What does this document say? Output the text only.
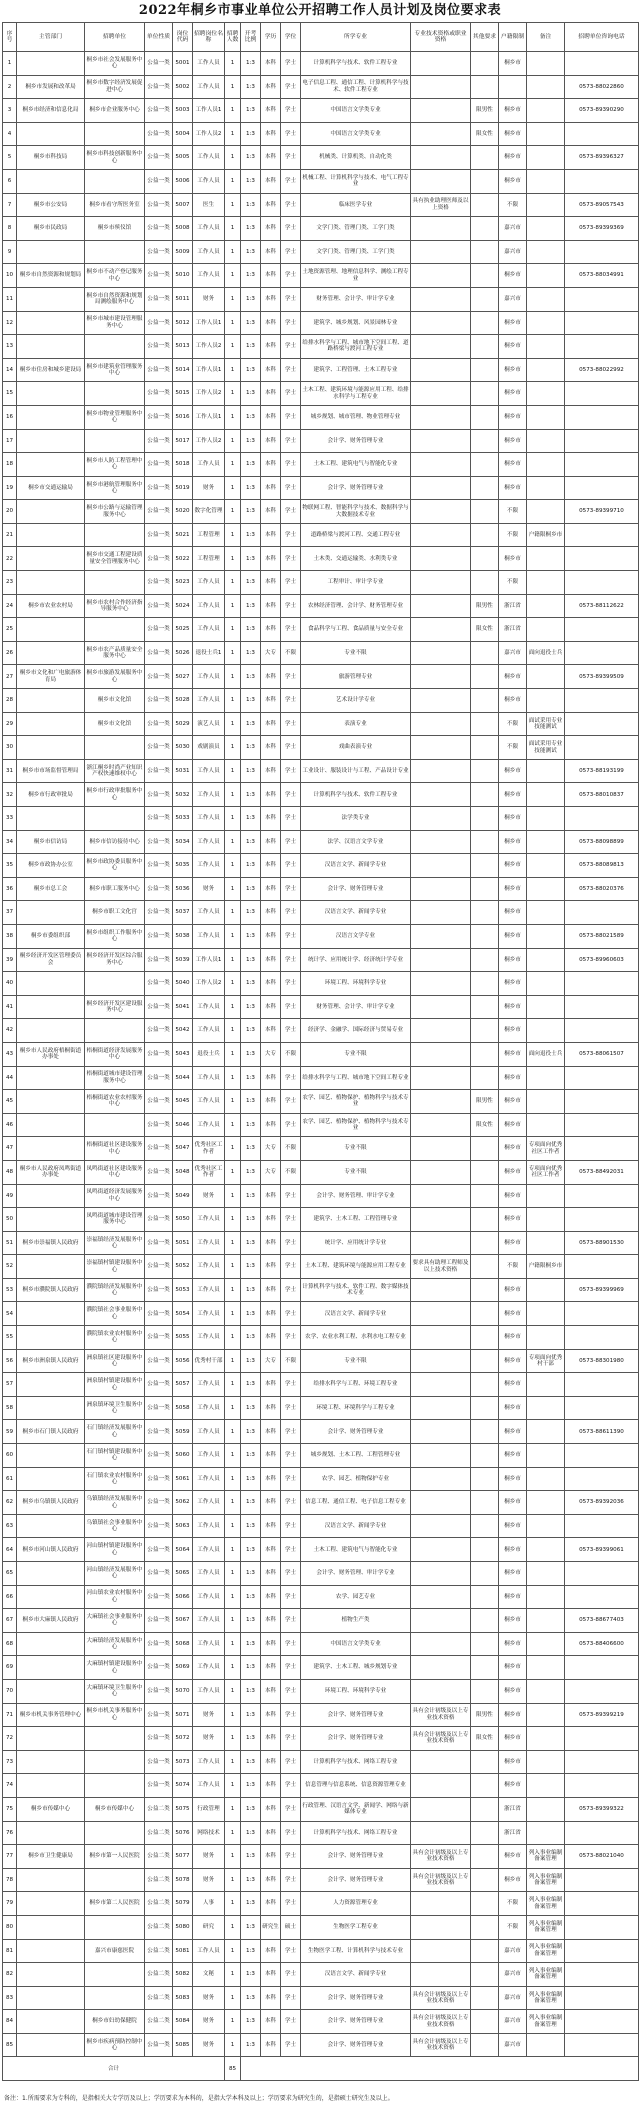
2022年桐乡市事业单位公开招聘工作人员计划及岗位要求表
序号	主管部门	招聘单位	单位性质	岗位代码	招聘岗位名称	招聘人数	开考比例	学历	学位	所学专业	专业技术资格或职业资格	其他要求	户籍限制	备注	招聘单位咨询电话
1		桐乡市社会发展服务中心	公益一类	5001	工作人员	1	1:3	本科	学士	计算机科学与技术、软件工程专业			桐乡市		
2	桐乡市发展和改革局	桐乡市数字经济发展促进中心	公益一类	5002	工作人员	1	1:3	本科	学士	电子信息工程、通信工程、计算机科学与技术、软件工程专业					0573-88022860
3	桐乡市经济和信息化局	桐乡市企业服务中心	公益一类	5003	工作人员1	1	1:3	本科	学士	中国语言文学类专业		限男性	桐乡市		0573-89390290
4			公益一类	5004	工作人员2	1	1:3	本科	学士	中国语言文学类专业		限女性	桐乡市		
5	桐乡市科技局	桐乡市科技创新服务中心	公益一类	5005	工作人员	1	1:3	本科	学士	机械类、计算机类、自动化类			桐乡市		0573-89396327
6			公益一类	5006	工作人员	1	1:3	本科	学士	机械工程、计算机科学与技术、电气工程专业			桐乡市		
7	桐乡市公安局	桐乡市看守所医务室	公益一类	5007	医生	1	1:3	本科	学士	临床医学专业	具有执业助理医师及以上资格		不限		0573-89057543
8	桐乡市民政局	桐乡市殡仪馆	公益一类	5008	工作人员	1	1:3	本科	学士	文学门类、管理门类、工学门类			嘉兴市		0573-89399369
9			公益一类	5009	工作人员	1	1:3	本科	学士	文学门类、管理门类、工学门类			嘉兴市		
10	桐乡市自然资源和规划局	桐乡市不动产登记服务中心	公益一类	5010	工作人员	1	1:3	本科	学士	土地资源管理、地理信息科学、测绘工程专业			桐乡市		0573-88034991
11		桐乡市自然资源和规划局测绘服务中心	公益一类	5011	财务	1	1:3	本科	学士	财务管理、会计学、审计学专业			嘉兴市		
12		桐乡市城市建设管理服务中心	公益一类	5012	工作人员1	1	1:3	本科	学士	建筑学、城乡规划、风景园林专业			桐乡市		
13			公益一类	5013	工作人员2	1	1:3	本科	学士	给排水科学与工程、城市地下空间工程、道路桥梁与渡河工程专业			桐乡市		
14	桐乡市住房和城乡建设局	桐乡市建筑业管理服务中心	公益一类	5014	工作人员1	1	1:3	本科	学士	建筑学、工程管理、土木工程专业			桐乡市		0573-88022992
15			公益一类	5015	工作人员2	1	1:3	本科	学士	土木工程、建筑环境与能源应用工程、给排水科学与工程专业			桐乡市		
16		桐乡市物业管理服务中心	公益一类	5016	工作人员1	1	1:3	本科	学士	城乡规划、城市管理、物业管理专业			桐乡市		
17			公益一类	5017	工作人员2	1	1:3	本科	学士	会计学、财务管理专业			桐乡市		
18		桐乡市人防工程管理中心	公益一类	5018	工作人员	1	1:3	本科	学士	土木工程、建筑电气与智能化专业			桐乡市		
19	桐乡市交通运输局	桐乡市港航管理服务中心	公益一类	5019	财务	1	1:3	本科	学士	会计学、财务管理专业			桐乡市		
20		桐乡市公路与运输管理服务中心	公益一类	5020	数字化管理	1	1:3	本科	学士	物联网工程、智能科学与技术、数据科学与大数据技术专业			不限		0573-89399710
21			公益一类	5021	工程管理	1	1:3	本科	学士	道路桥梁与渡河工程、交通工程专业			不限	户籍限桐乡市	
22		桐乡市交通工程建设质量安全管理服务中心	公益一类	5022	工程管理	1	1:3	本科	学士	土木类、交通运输类、水利类专业			桐乡市		
23			公益一类	5023	工作人员	1	1:3	本科	学士	工程审计、审计学专业			不限		
24	桐乡市农业农村局	桐乡市农村合作经济指导服务中心	公益一类	5024	工作人员	1	1:3	本科	学士	农林经济管理、会计学、财务管理专业		限男性	浙江省		0573-88112622
25			公益一类	5025	工作人员	1	1:3	本科	学士	食品科学与工程、食品质量与安全专业		限女性	浙江省		
26		桐乡市农产品质量安全服务中心	公益一类	5026	退役士兵1	1	1:3	大专	不限	专业不限			嘉兴市	面向退役士兵	
27	桐乡市文化和广电旅游体育局	桐乡市旅游发展服务中心	公益一类	5027	工作人员	1	1:3	本科	学士	旅游管理专业			桐乡市		0573-89399509
28		桐乡市文化馆	公益一类	5028	工作人员	1	1:3	本科	学士	艺术设计学专业			桐乡市		
29		桐乡市文化馆	公益一类	5029	演艺人员	1	1:3	本科	学士	表演专业			不限	面试采用专业技能测试	
30			公益一类	5030	戏剧演员	1	1:3	本科	学士	戏曲表演专业			不限	面试采用专业技能测试	
31	桐乡市市场监督管理局	浙江桐乡时尚产业知识产权快速维权中心	公益一类	5031	工作人员	1	1:3	本科	学士	工业设计、服装设计与工程、产品设计专业			桐乡市		0573-88193199
32	桐乡市行政审批局	桐乡市行政审批服务中心	公益一类	5032	工作人员	1	1:3	本科	学士	计算机科学与技术、软件工程专业			桐乡市		0573-88010837
33			公益一类	5033	工作人员	1	1:3	本科	学士	法学类专业			桐乡市		
34	桐乡市信访局	桐乡市信访接待中心	公益一类	5034	工作人员	1	1:3	本科	学士	法学、汉语言文学专业			桐乡市		0573-88098899
35	桐乡市政协办公室	桐乡市政协委员服务中心	公益一类	5035	工作人员	1	1:3	本科	学士	汉语言文学、新闻学专业			桐乡市		0573-88089813
36	桐乡市总工会	桐乡市职工服务中心	公益一类	5036	财务	1	1:3	本科	学士	会计学、财务管理专业			桐乡市		0573-88020376
37		桐乡市职工文化宫	公益一类	5037	工作人员	1	1:3	本科	学士	汉语言文学、新闻学专业			桐乡市		
38	桐乡市委组织部	桐乡市组织工作服务中心	公益一类	5038	工作人员	1	1:3	本科	学士	汉语言文学专业			桐乡市		0573-88021589
39	桐乡经济开发区管理委员会	桐乡经济开发区综合服务中心	公益一类	5039	工作人员1	1	1:3	本科	学士	统计学、应用统计学、经济统计学专业			桐乡市		0573-89960603
40			公益一类	5040	工作人员2	1	1:3	本科	学士	环境工程、环境科学专业			桐乡市		
41		桐乡经济开发区建设服务中心	公益一类	5041	工作人员	1	1:3	本科	学士	财务管理、会计学、审计学专业			桐乡市		
42			公益一类	5042	工作人员	1	1:3	本科	学士	经济学、金融学、国际经济与贸易专业			桐乡市		
43	桐乡市人民政府梧桐街道办事处	梧桐街道经济发展服务中心	公益一类	5043	退役士兵	1	1:3	大专	不限	专业不限			桐乡市	面向退役士兵	0573-88061507
44		梧桐街道城市建设管理服务中心	公益一类	5044	工作人员	1	1:3	本科	学士	给排水科学与工程、城市地下空间工程专业			桐乡市		
45		梧桐街道农业农村服务中心	公益一类	5045	工作人员	1	1:3	本科	学士	农学、园艺、植物保护、植物科学与技术专业		限男性	桐乡市		
46			公益一类	5046	工作人员	1	1:3	本科	学士	农学、园艺、植物保护、植物科学与技术专业		限女性	桐乡市		
47		梧桐街道社区建设服务中心	公益一类	5047	优秀社区工作者	1	1:3	大专	不限	专业不限			桐乡市	专项面向优秀社区工作者	
48	桐乡市人民政府凤鸣街道办事处	凤鸣街道社区建设服务中心	公益一类	5048	优秀社区工作者	1	1:3	大专	不限	专业不限			桐乡市	专项面向优秀社区工作者	0573-88492031
49		凤鸣街道经济发展服务中心	公益一类	5049	财务	1	1:3	本科	学士	会计学、财务管理、审计学专业			桐乡市		
50		凤鸣街道城市建设管理服务中心	公益一类	5050	工作人员	1	1:3	本科	学士	建筑学、土木工程、工程管理专业			桐乡市		
51	桐乡市崇福镇人民政府	崇福镇经济发展服务中心	公益一类	5051	工作人员	1	1:3	本科	学士	统计学、应用统计学专业			桐乡市		0573-88901530
52		崇福镇村镇建设服务中心	公益一类	5052	工作人员	1	1:3	本科	学士	土木工程、建筑环境与能源应用工程专业	要求具有助理工程师及以上技术资格		不限	户籍限桐乡市	
53	桐乡市濮院镇人民政府	濮院镇经济发展服务中心	公益一类	5053	工作人员	1	1:3	本科	学士	计算机科学与技术、软件工程、数字媒体技术专业			桐乡市		0573-89399969
54		濮院镇社会事业服务中心	公益一类	5054	工作人员	1	1:3	本科	学士	汉语言文学、新闻学专业			桐乡市		
55		濮院镇农业农村服务中心	公益一类	5055	工作人员	1	1:3	本科	学士	农学、农业水利工程、水利水电工程专业			桐乡市		
56	桐乡市洲泉镇人民政府	洲泉镇社区建设服务中心	公益一类	5056	优秀村干部	1	1:3	大专	不限	专业不限			桐乡市	专项面向优秀村干部	0573-88301980
57		洲泉镇村镇建设服务中心	公益一类	5057	工作人员	1	1:3	本科	学士	给排水科学与工程、环境工程专业			桐乡市		
58		洲泉镇环境卫生服务中心	公益一类	5058	工作人员	1	1:3	本科	学士	环境工程、环境科学与工程专业			桐乡市		
59	桐乡市石门镇人民政府	石门镇经济发展服务中心	公益一类	5059	工作人员	1	1:3	本科	学士	会计学、财务管理专业			桐乡市		0573-88611390
60		石门镇村镇建设服务中心	公益一类	5060	工作人员	1	1:3	本科	学士	城乡规划、土木工程、工程管理专业			桐乡市		
61		石门镇农业农村服务中心	公益一类	5061	工作人员	1	1:3	本科	学士	农学、园艺、植物保护专业			桐乡市		
62	桐乡市乌镇镇人民政府	乌镇镇经济发展服务中心	公益一类	5062	工作人员	1	1:3	本科	学士	信息工程、通信工程、电子信息工程专业			桐乡市		0573-89392036
63		乌镇镇社会事业服务中心	公益一类	5063	工作人员	1	1:3	本科	学士	汉语言文学、新闻学专业			桐乡市		
64	桐乡市河山镇人民政府	河山镇村镇建设服务中心	公益一类	5064	工作人员	1	1:3	本科	学士	土木工程、建筑电气与智能化专业			桐乡市		0573-89399061
65		河山镇经济发展服务中心	公益一类	5065	工作人员	1	1:3	本科	学士	会计学、财务管理、审计学专业			桐乡市		
66		河山镇农业农村服务中心	公益一类	5066	工作人员	1	1:3	本科	学士	农学、园艺专业			桐乡市		
67	桐乡市大麻镇人民政府	大麻镇社会事业服务中心	公益一类	5067	工作人员	1	1:3	本科	学士	植物生产类			桐乡市		0573-88677403
68		大麻镇经济发展服务中心	公益一类	5068	工作人员	1	1:3	本科	学士	中国语言文学类专业			桐乡市		0573-88406600
69		大麻镇村镇建设服务中心	公益一类	5069	工作人员	1	1:3	本科	学士	建筑学、土木工程、城乡规划专业			桐乡市		
70		大麻镇环境卫生服务中心	公益一类	5070	工作人员	1	1:3	本科	学士	环境工程、环境科学专业			桐乡市		
71	桐乡市机关事务管理中心	桐乡市机关事务服务中心	公益一类	5071	财务	1	1:3	本科	学士	会计学、财务管理专业	具有会计初级及以上专业技术资格	限男性	桐乡市		0573-89399219
72			公益一类	5072	财务	1	1:3	本科	学士	会计学、财务管理专业	具有会计初级及以上专业技术资格	限女性	桐乡市		
73			公益一类	5073	工作人员	1	1:3	本科	学士	计算机科学与技术、网络工程专业			桐乡市		
74			公益一类	5074	工作人员	1	1:3	本科	学士	信息管理与信息系统、信息资源管理专业			桐乡市		
75	桐乡市传媒中心	桐乡市传媒中心	公益二类	5075	行政管理	1	1:3	本科	学士	行政管理、汉语言文学、新闻学、网络与新媒体专业			浙江省		0573-89399322
76			公益二类	5076	网络技术	1	1:3	本科	学士	计算机科学与技术、网络工程专业			浙江省		
77	桐乡市卫生健康局	桐乡市第一人民医院	公益二类	5077	财务	1	1:3	本科	学士	会计学、财务管理专业	具有会计初级及以上专业技术资格		桐乡市	列入事业编制备案管理	0573-88021040
78			公益二类	5078	财务	1	1:3	本科	学士	会计学、财务管理专业	具有会计初级及以上专业技术资格		桐乡市	列入事业编制备案管理	
79		桐乡市第二人民医院	公益二类	5079	人事	1	1:3	本科	学士	人力资源管理专业			不限	列入事业编制备案管理	
80			公益二类	5080	研究	1	1:3	研究生	硕士	生物医学工程专业			不限	列入事业编制备案管理	
81		嘉兴市康慈医院	公益二类	5081	工作人员	1	1:3	本科	学士	生物医学工程、计算机科学与技术专业			嘉兴市	列入事业编制备案管理	
82			公益二类	5082	文秘	1	1:3	本科	学士	汉语言文学、新闻学专业			嘉兴市	列入事业编制备案管理	
83			公益二类	5083	财务	1	1:3	本科	学士	会计学、财务管理专业	具有会计初级及以上专业技术资格		嘉兴市	列入事业编制备案管理	
84		桐乡市妇幼保健院	公益二类	5084	财务	1	1:3	本科	学士	会计学、财务管理专业	具有会计初级及以上专业技术资格		嘉兴市	列入事业编制备案管理	
85		桐乡市疾病预防控制中心	公益一类	5085	财务	1	1:3	本科	学士	会计学、财务管理专业	具有会计初级及以上专业技术资格		嘉兴市		
合计						85									
备注：1.所需要求为专科的，是指相关大专学历及以上；学历要求为本科的，是指大学本科及以上；学历要求为研究生的，是指硕士研究生及以上。
